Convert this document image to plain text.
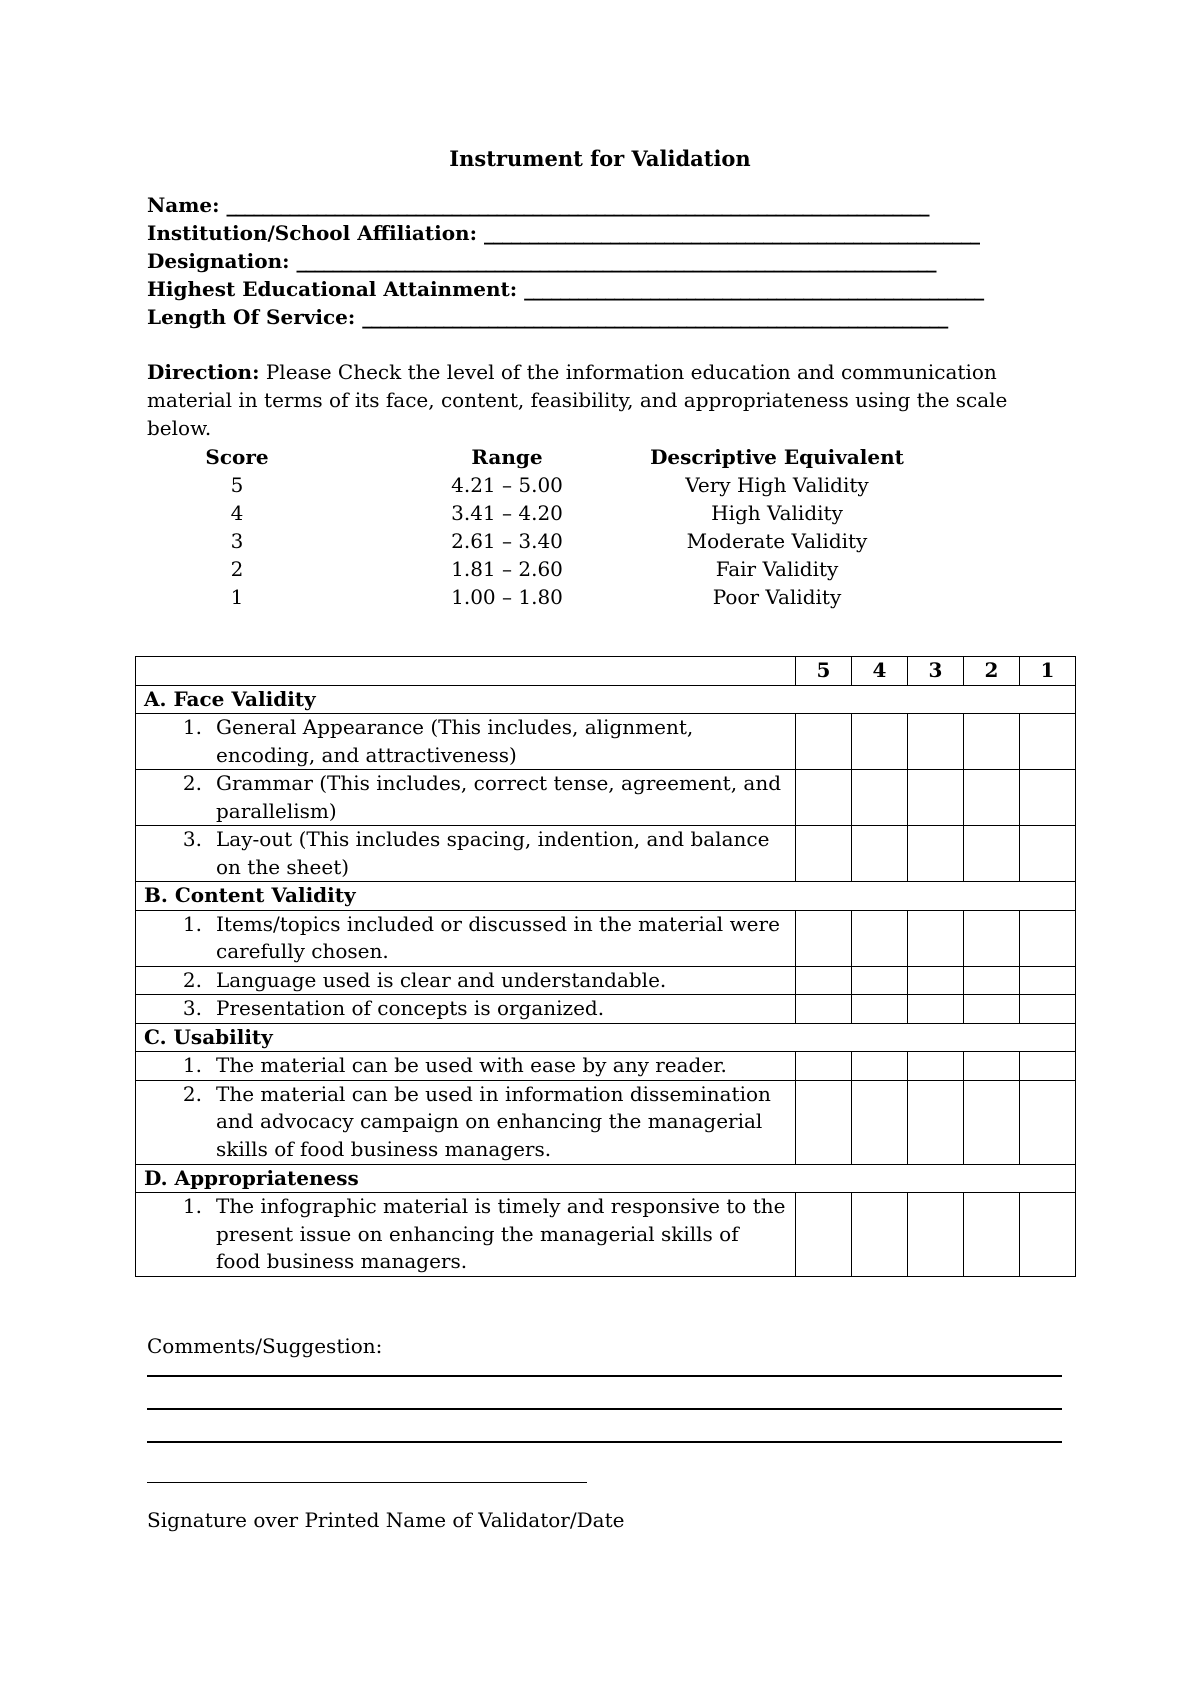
Instrument for Validation
Name: ______________________________________________________________________________
Institution/School Affiliation: _______________________________________________________
Designation: _______________________________________________________________________
Highest Educational Attainment: ___________________________________________________
Length Of Service: _________________________________________________________________
Direction: Please Check the level of the information education and communication material in terms of its face, content, feasibility, and appropriateness using the scale below.
Score	Range	Descriptive Equivalent
5	4.21 – 5.00	Very High Validity
4	3.41 – 4.20	High Validity
3	2.61 – 3.40	Moderate Validity
2	1.81 – 2.60	Fair Validity
1	1.00 – 1.80	Poor Validity
	5	4	3	2	1
A. Face Validity					

1. General Appearance (This includes, alignment, encoding, and attractiveness)					

2. Grammar (This includes, correct tense, agreement, and parallelism)					

3. Lay-out (This includes spacing, indention, and balance on the sheet)					

B. Content Validity					

1. Items/topics included or discussed in the material were carefully chosen.					

2. Language used is clear and understandable.					

3. Presentation of concepts is organized.					

C. Usability					

1. The material can be used with ease by any reader.					

2. The material can be used in information dissemination and advocacy campaign on enhancing the managerial skills of food business managers.					

D. Appropriateness					

1. The infographic material is timely and responsive to the present issue on enhancing the managerial skills of food business managers.					

Comments/Suggestion:
Signature over Printed Name of Validator/Date
